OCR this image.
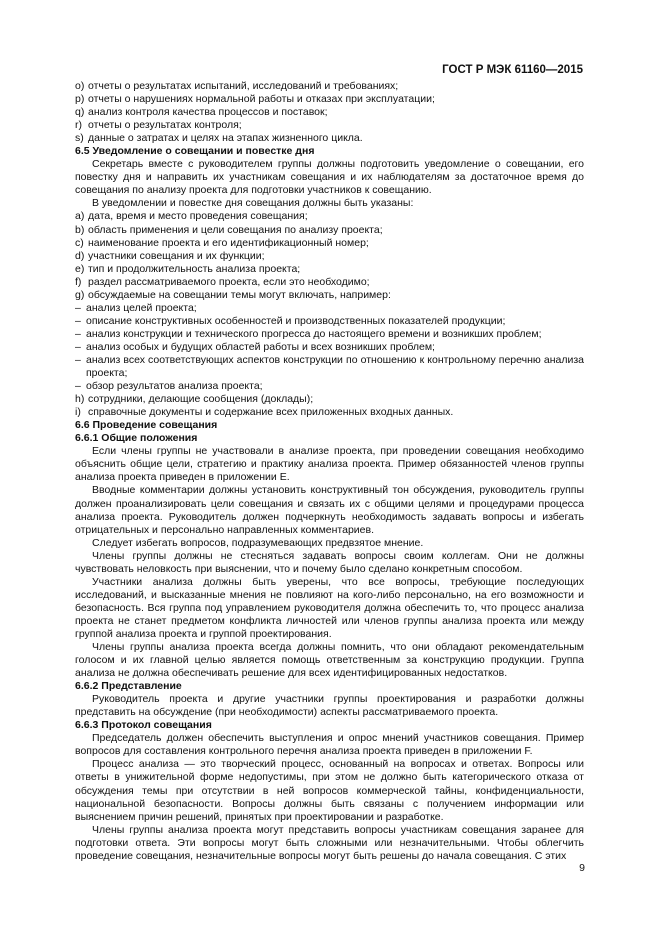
ГОСТ Р МЭК 61160—2015
o) отчеты о результатах испытаний, исследований и требованиях;
p) отчеты о нарушениях нормальной работы и отказах при эксплуатации;
q) анализ контроля качества процессов и поставок;
r) отчеты о результатах контроля;
s) данные о затратах и целях на этапах жизненного цикла.

6.5 Уведомление о совещании и повестке дня

Секретарь вместе с руководителем группы должны подготовить уведомление о совещании, его повестку дня и направить их участникам совещания и их наблюдателям за достаточное время до совещания по анализу проекта для подготовки участников к совещанию.

В уведомлении и повестке дня совещания должны быть указаны:

a) дата, время и место проведения совещания;
b) область применения и цели совещания по анализу проекта;
c) наименование проекта и его идентификационный номер;
d) участники совещания и их функции;
e) тип и продолжительность анализа проекта;
f) раздел рассматриваемого проекта, если это необходимо;
g) обсуждаемые на совещании темы могут включать, например:
– анализ целей проекта;
– описание конструктивных особенностей и производственных показателей продукции;
– анализ конструкции и технического прогресса до настоящего времени и возникших проблем;
– анализ особых и будущих областей работы и всех возникших проблем;
– анализ всех соответствующих аспектов конструкции по отношению к контрольному перечню анализа проекта;
– обзор результатов анализа проекта;
h) сотрудники, делающие сообщения (доклады);
i) справочные документы и содержание всех приложенных входных данных.

6.6 Проведение совещания

6.6.1 Общие положения

Если члены группы не участвовали в анализе проекта, при проведении совещания необходимо объяснить общие цели, стратегию и практику анализа проекта. Пример обязанностей членов группы анализа проекта приведен в приложении E.

Вводные комментарии должны установить конструктивный тон обсуждения, руководитель группы должен проанализировать цели совещания и связать их с общими целями и процедурами процесса анализа проекта. Руководитель должен подчеркнуть необходимость задавать вопросы и избегать отрицательных и персонально направленных комментариев.

Следует избегать вопросов, подразумевающих предвзятое мнение.

Члены группы должны не стесняться задавать вопросы своим коллегам. Они не должны чувствовать неловкость при выяснении, что и почему было сделано конкретным способом.

Участники анализа должны быть уверены, что все вопросы, требующие последующих исследований, и высказанные мнения не повлияют на кого-либо персонально, на его возможности и безопасность. Вся группа под управлением руководителя должна обеспечить то, что процесс анализа проекта не станет предметом конфликта личностей или членов группы анализа проекта или между группой анализа проекта и группой проектирования.

Члены группы анализа проекта всегда должны помнить, что они обладают рекомендательным голосом и их главной целью является помощь ответственным за конструкцию продукции. Группа анализа не должна обеспечивать решение для всех идентифицированных недостатков.

6.6.2 Представление

Руководитель проекта и другие участники группы проектирования и разработки должны представить на обсуждение (при необходимости) аспекты рассматриваемого проекта.

6.6.3 Протокол совещания

Председатель должен обеспечить выступления и опрос мнений участников совещания. Пример вопросов для составления контрольного перечня анализа проекта приведен в приложении F.

Процесс анализа — это творческий процесс, основанный на вопросах и ответах. Вопросы или ответы в унижительной форме недопустимы, при этом не должно быть категорического отказа от обсуждения темы при отсутствии в ней вопросов коммерческой тайны, конфиденциальности, национальной безопасности. Вопросы должны быть связаны с получением информации или выяснением причин решений, принятых при проектировании и разработке.

Члены группы анализа проекта могут представить вопросы участникам совещания заранее для подготовки ответа. Эти вопросы могут быть сложными или незначительными. Чтобы облегчить проведение совещания, незначительные вопросы могут быть решены до начала совещания. С этих

9
